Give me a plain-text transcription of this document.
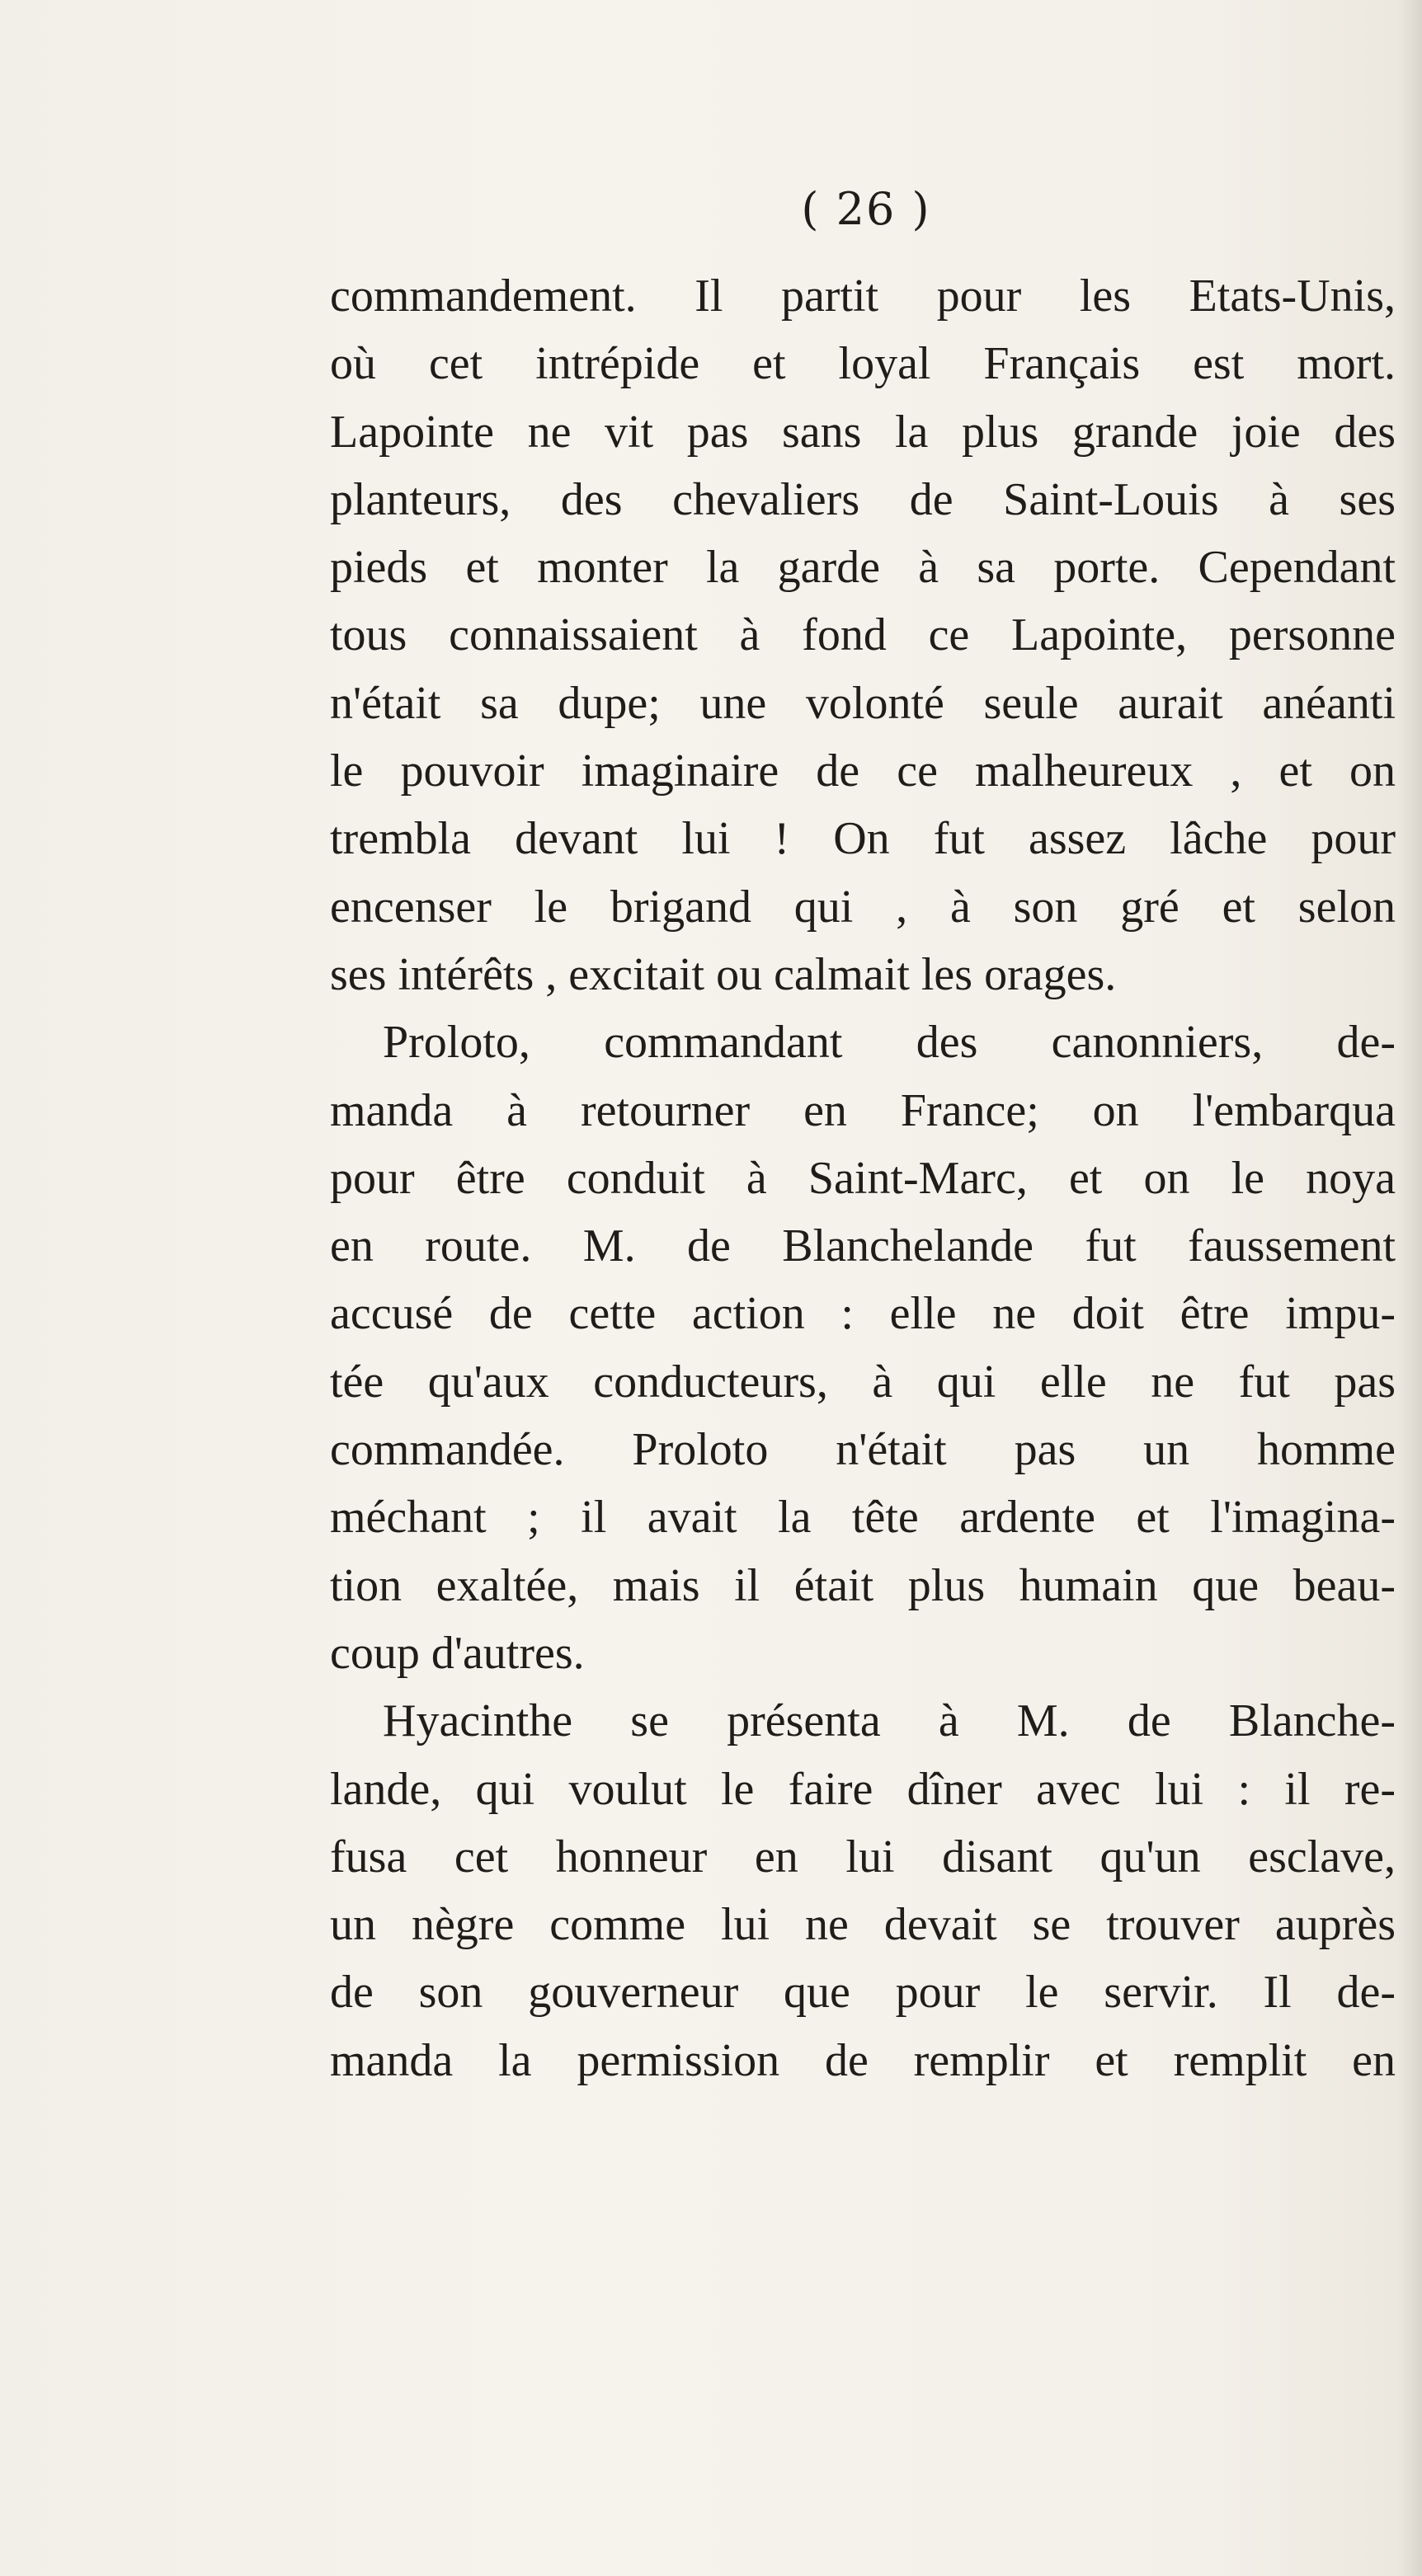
( 26 )
commandement. Il partit pour les Etats-Unis,
où cet intrépide et loyal Français est mort.
Lapointe ne vit pas sans la plus grande joie des
planteurs, des chevaliers de Saint-Louis à ses
pieds et monter la garde à sa porte. Cependant
tous connaissaient à fond ce Lapointe, personne
n'était sa dupe; une volonté seule aurait anéanti
le pouvoir imaginaire de ce malheureux , et on
trembla devant lui ! On fut assez lâche pour
encenser le brigand qui , à son gré et selon
ses intérêts , excitait ou calmait les orages.
Proloto, commandant des canonniers, de-
manda à retourner en France; on l'embarqua
pour être conduit à Saint-Marc, et on le noya
en route. M. de Blanchelande fut faussement
accusé de cette action : elle ne doit être impu-
tée qu'aux conducteurs, à qui elle ne fut pas
commandée. Proloto n'était pas un homme
méchant ; il avait la tête ardente et l'imagina-
tion exaltée, mais il était plus humain que beau-
coup d'autres.
Hyacinthe se présenta à M. de Blanche-
lande, qui voulut le faire dîner avec lui : il re-
fusa cet honneur en lui disant qu'un esclave,
un nègre comme lui ne devait se trouver auprès
de son gouverneur que pour le servir. Il de-
manda la permission de remplir et remplit en
